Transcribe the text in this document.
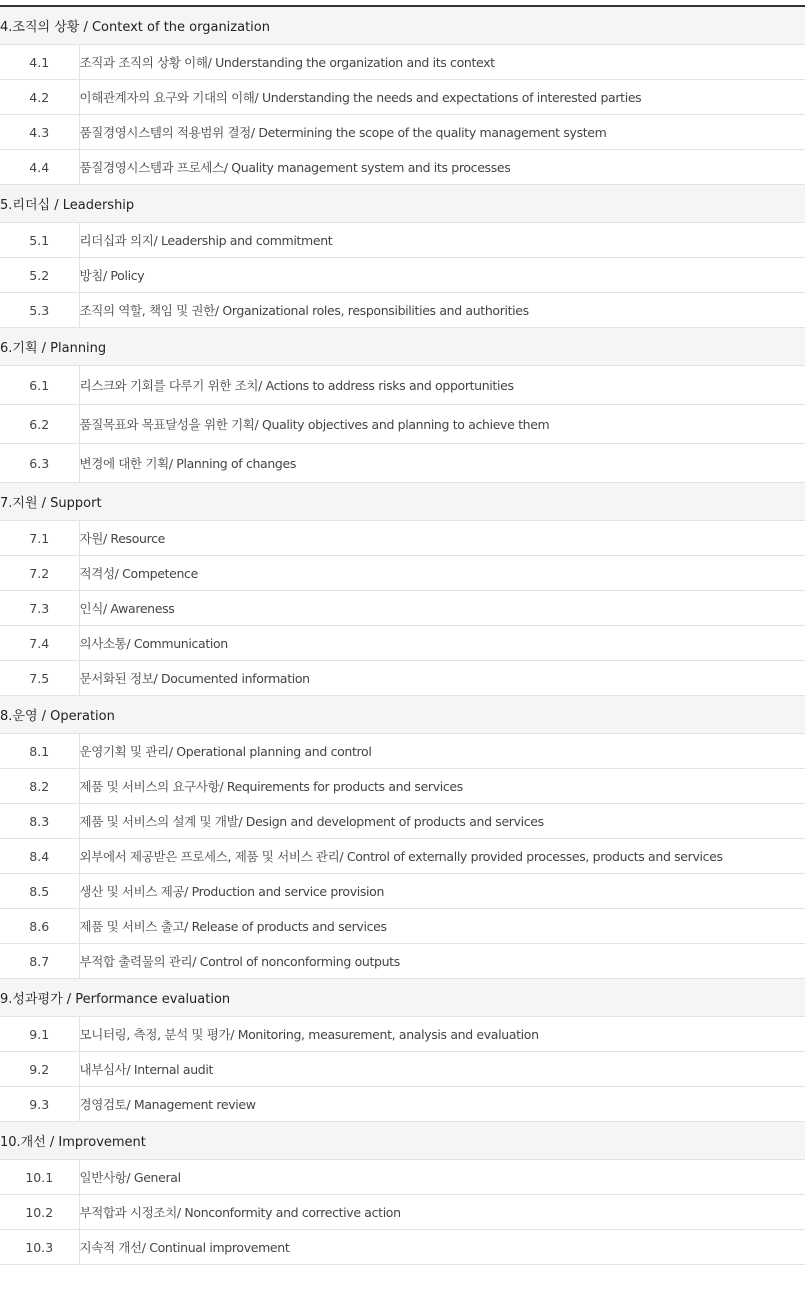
4.조직의 상황 / Context of the organization	
4.1	조직과 조직의 상황 이해/ Understanding the organization and its context
4.2	이해관계자의 요구와 기대의 이해/ Understanding the needs and expectations of interested parties
4.3	품질경영시스템의 적용범위 결정/ Determining the scope of the quality management system
4.4	품질경영시스템과 프로세스/ Quality management system and its processes
5.리더십 / Leadership	
5.1	리더십과 의지/ Leadership and commitment
5.2	방침/ Policy
5.3	조직의 역할, 책임 및 권한/ Organizational roles, responsibilities and authorities
6.기획 / Planning	
6.1	리스크와 기회를 다루기 위한 조치/ Actions to address risks and opportunities
6.2	품질목표와 목표달성을 위한 기획/ Quality objectives and planning to achieve them
6.3	변경에 대한 기획/ Planning of changes
7.지원 / Support	
7.1	자원/ Resource
7.2	적격성/ Competence
7.3	인식/ Awareness
7.4	의사소통/ Communication
7.5	문서화된 정보/ Documented information
8.운영 / Operation	
8.1	운영기획 및 관리/ Operational planning and control
8.2	제품 및 서비스의 요구사항/ Requirements for products and services
8.3	제품 및 서비스의 설계 및 개발/ Design and development of products and services
8.4	외부에서 제공받은 프로세스, 제품 및 서비스 관리/ Control of externally provided processes, products and services
8.5	생산 및 서비스 제공/ Production and service provision
8.6	제품 및 서비스 출고/ Release of products and services
8.7	부적합 출력물의 관리/ Control of nonconforming outputs
9.성과평가 / Performance evaluation	
9.1	모니터링, 측정, 분석 및 평가/ Monitoring, measurement, analysis and evaluation
9.2	내부심사/ Internal audit
9.3	경영검토/ Management review
10.개선 / Improvement	
10.1	일반사항/ General
10.2	부적합과 시정조치/ Nonconformity and corrective action
10.3	지속적 개선/ Continual improvement
